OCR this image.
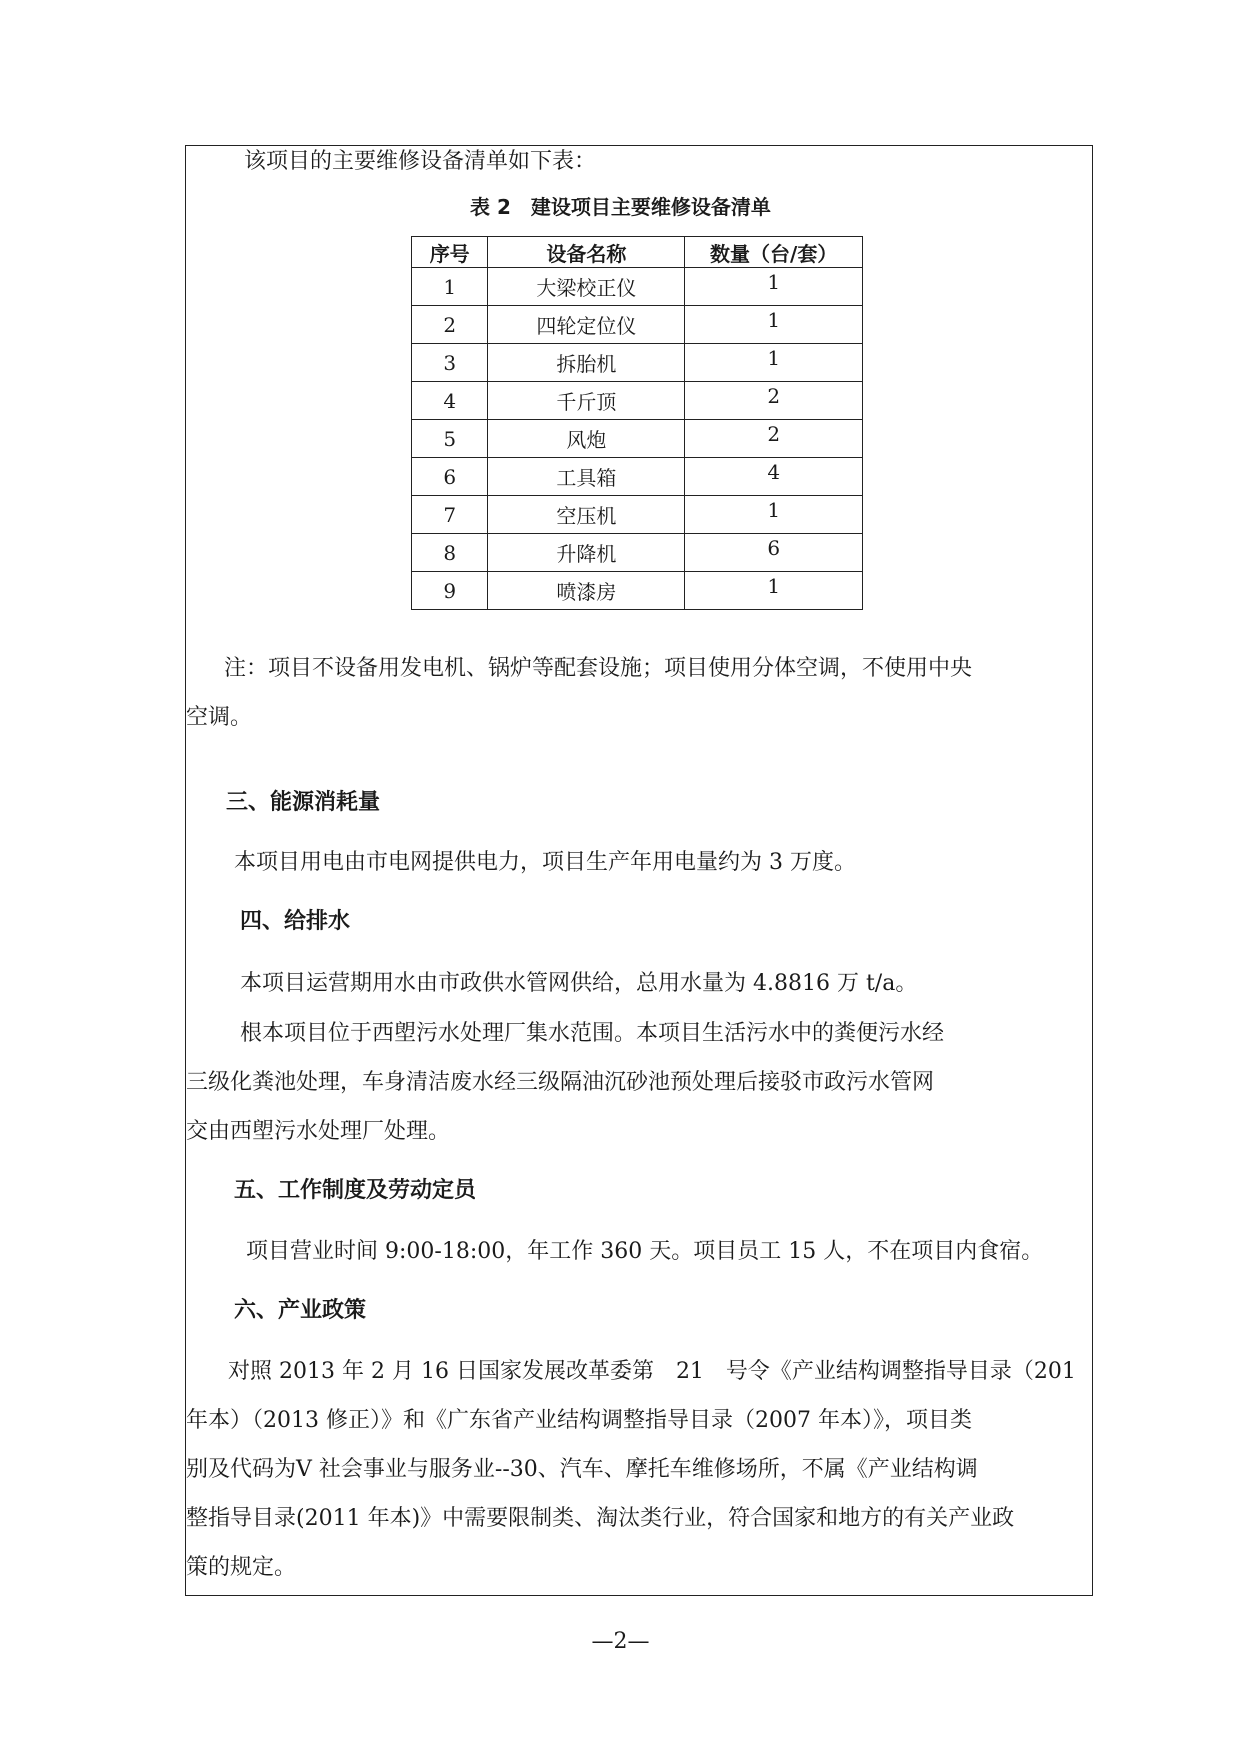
该项目的主要维修设备清单如下表：

表 2　建设项目主要维修设备清单
序号	设备名称	数量（台/套）
1	大梁校正仪	1
2	四轮定位仪	1
3	拆胎机	1
4	千斤顶	2
5	风炮	2
6	工具箱	4
7	空压机	1
8	升降机	6
9	喷漆房	1

注：项目不设备用发电机、锅炉等配套设施；项目使用分体空调，不使用中央

空调。

三、能源消耗量

本项目用电由市电网提供电力，项目生产年用电量约为 3 万度。

四、给排水

本项目运营期用水由市政供水管网供给，总用水量为 4.8816 万 t/a。

根本项目位于西塱污水处理厂集水范围。本项目生活污水中的粪便污水经

三级化粪池处理，车身清洁废水经三级隔油沉砂池预处理后接驳市政污水管网

交由西塱污水处理厂处理。

五、工作制度及劳动定员

项目营业时间 9:00-18:00，年工作 360 天。项目员工 15 人，不在项目内食宿。

六、产业政策

对照 2013 年 2 月 16 日国家发展改革委第　21　号令《产业结构调整指导目录（201

年本）（2013 修正）》和《广东省产业结构调整指导目录（2007 年本）》，项目类

别及代码为Ⅴ 社会事业与服务业--30、汽车、摩托车维修场所，不属《产业结构调

整指导目录(2011 年本)》中需要限制类、淘汰类行业，符合国家和地方的有关产业政

策的规定。

—2—
